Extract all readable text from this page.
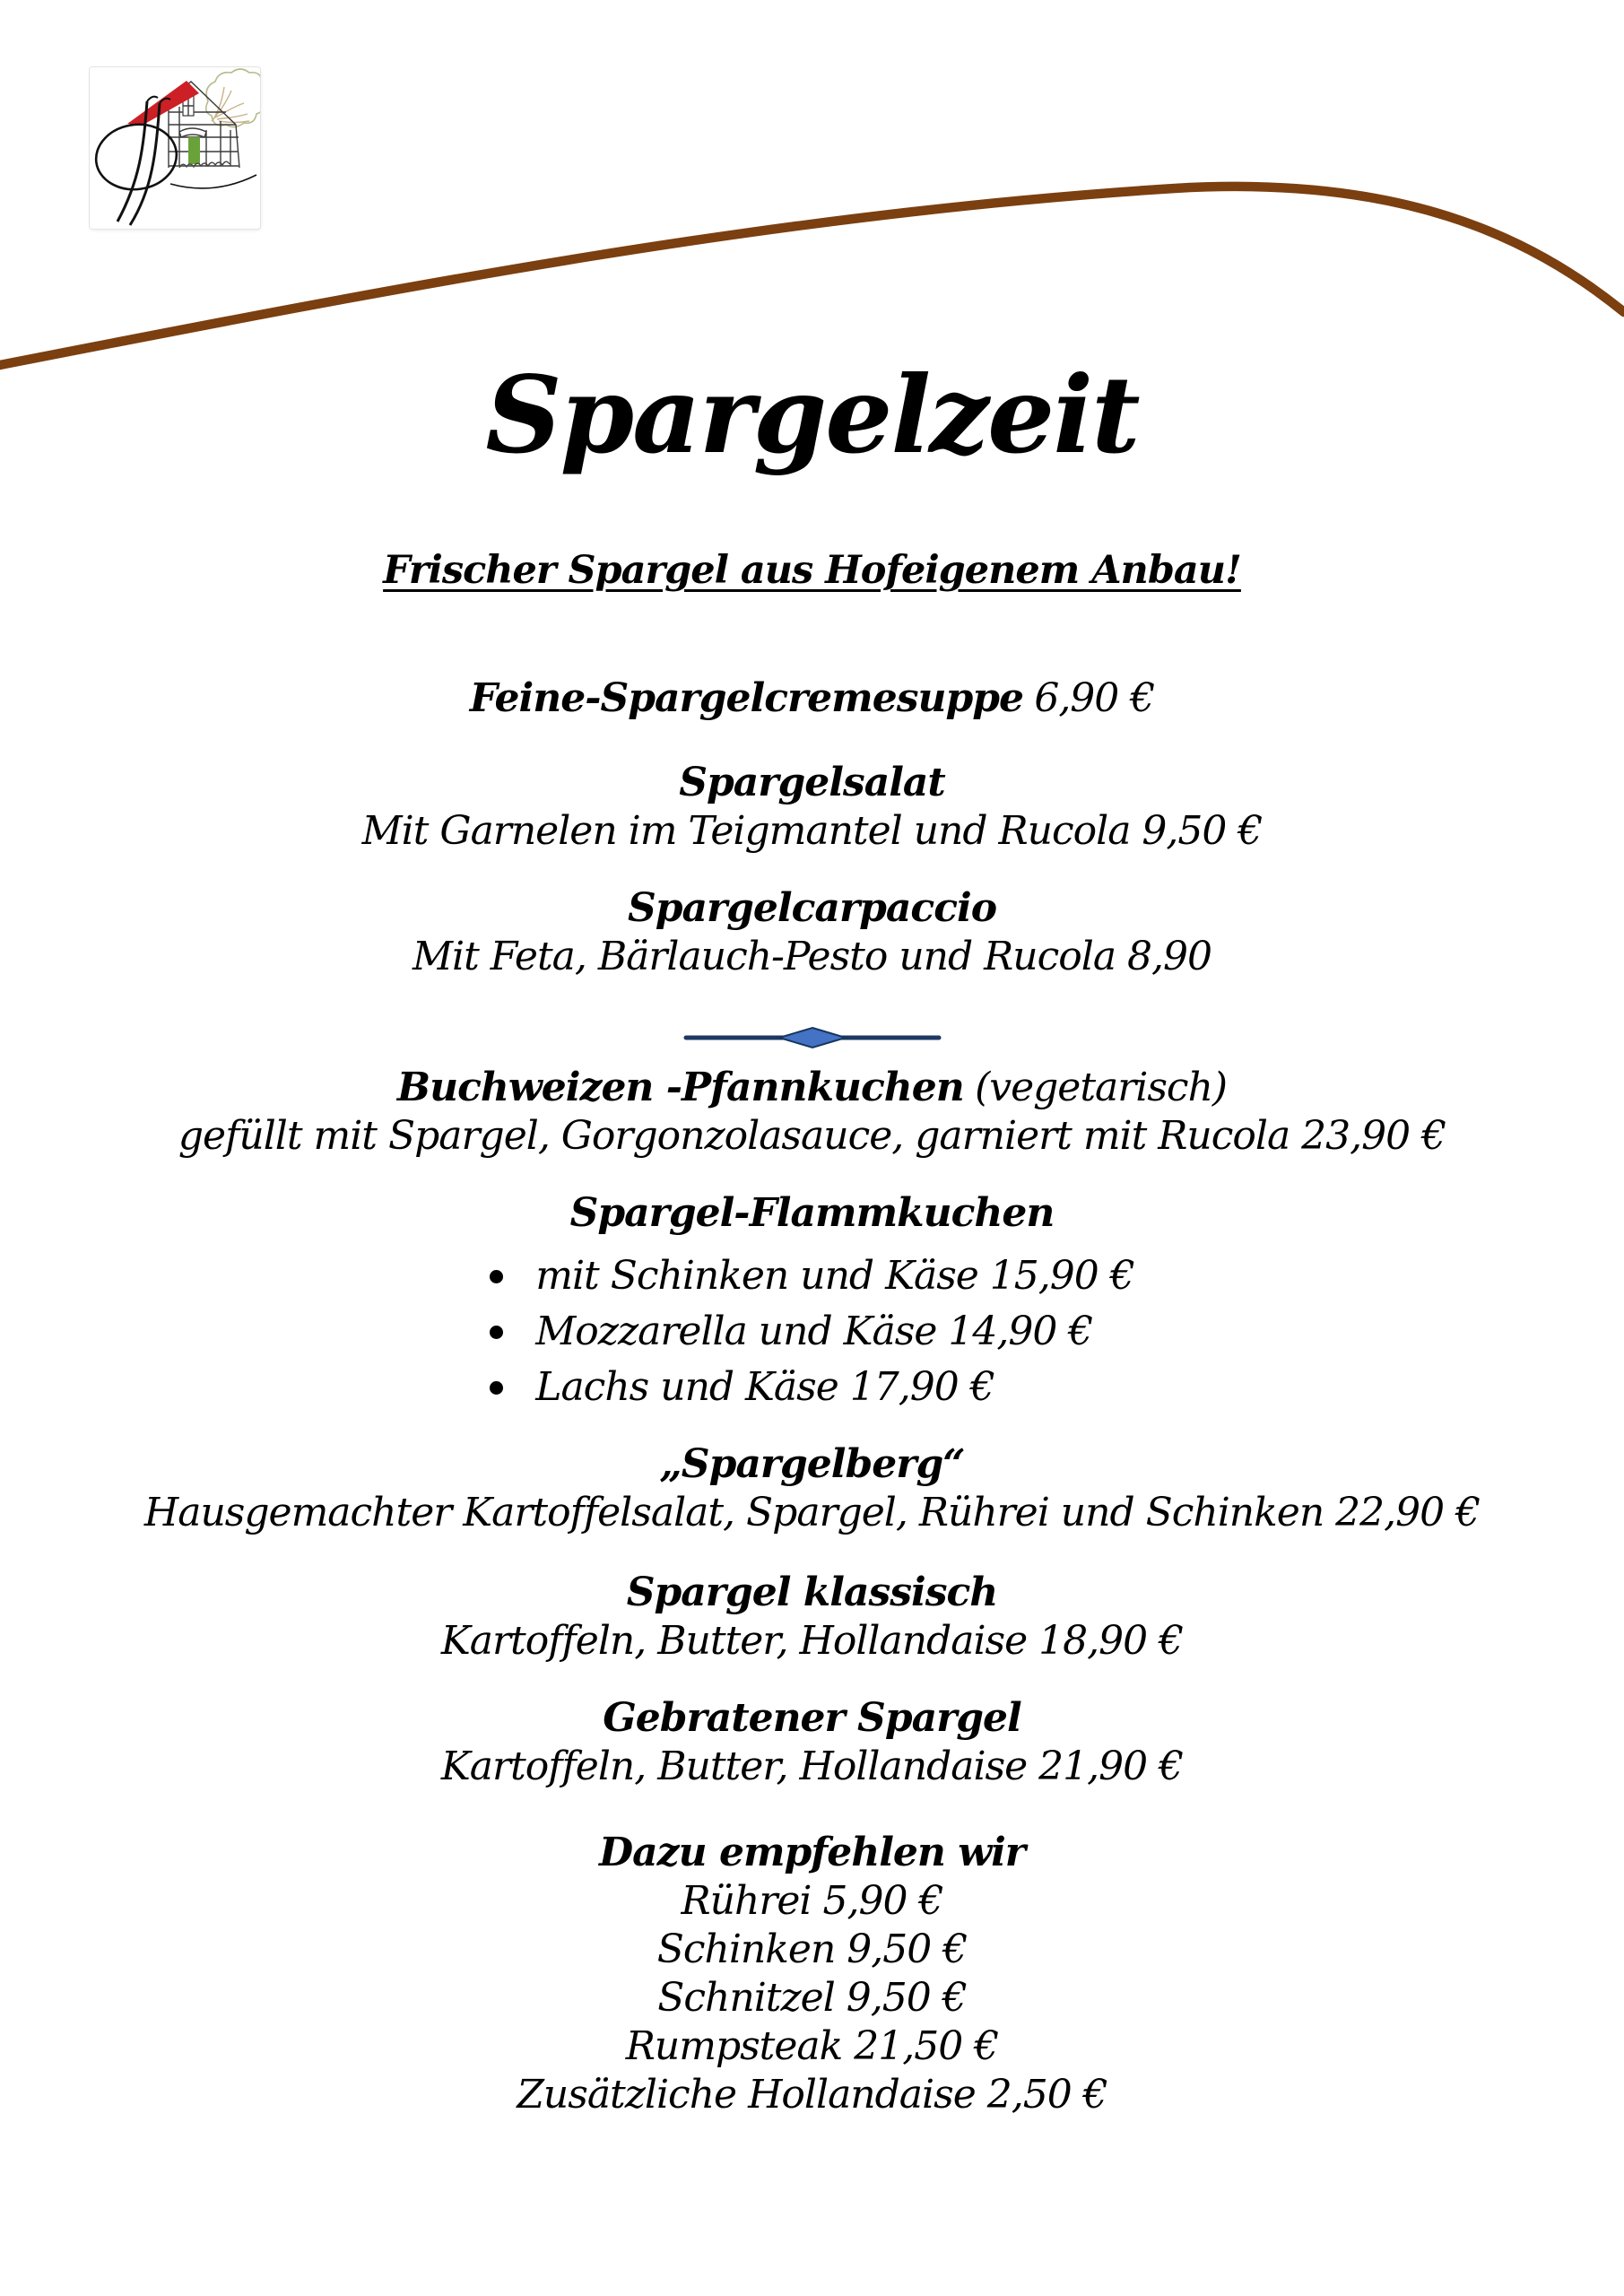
Spargelzeit
Frischer Spargel aus Hofeigenem Anbau!
Feine-Spargelcremesuppe 6,90 €
Spargelsalat
Mit Garnelen im Teigmantel und Rucola 9,50 €
Spargelcarpaccio
Mit Feta, Bärlauch-Pesto und Rucola 8,90
Buchweizen -Pfannkuchen (vegetarisch)
gefüllt mit Spargel, Gorgonzolasauce, garniert mit Rucola 23,90 €
Spargel-Flammkuchen
mit Schinken und Käse 15,90 €
Mozzarella und Käse 14,90 €
Lachs und Käse 17,90 €
„Spargelberg“
Hausgemachter Kartoffelsalat, Spargel, Rührei und Schinken 22,90 €
Spargel klassisch
Kartoffeln, Butter, Hollandaise 18,90 €
Gebratener Spargel
Kartoffeln, Butter, Hollandaise 21,90 €
Dazu empfehlen wir
Rührei 5,90 €
Schinken 9,50 €
Schnitzel 9,50 €
Rumpsteak 21,50 €
Zusätzliche Hollandaise 2,50 €
